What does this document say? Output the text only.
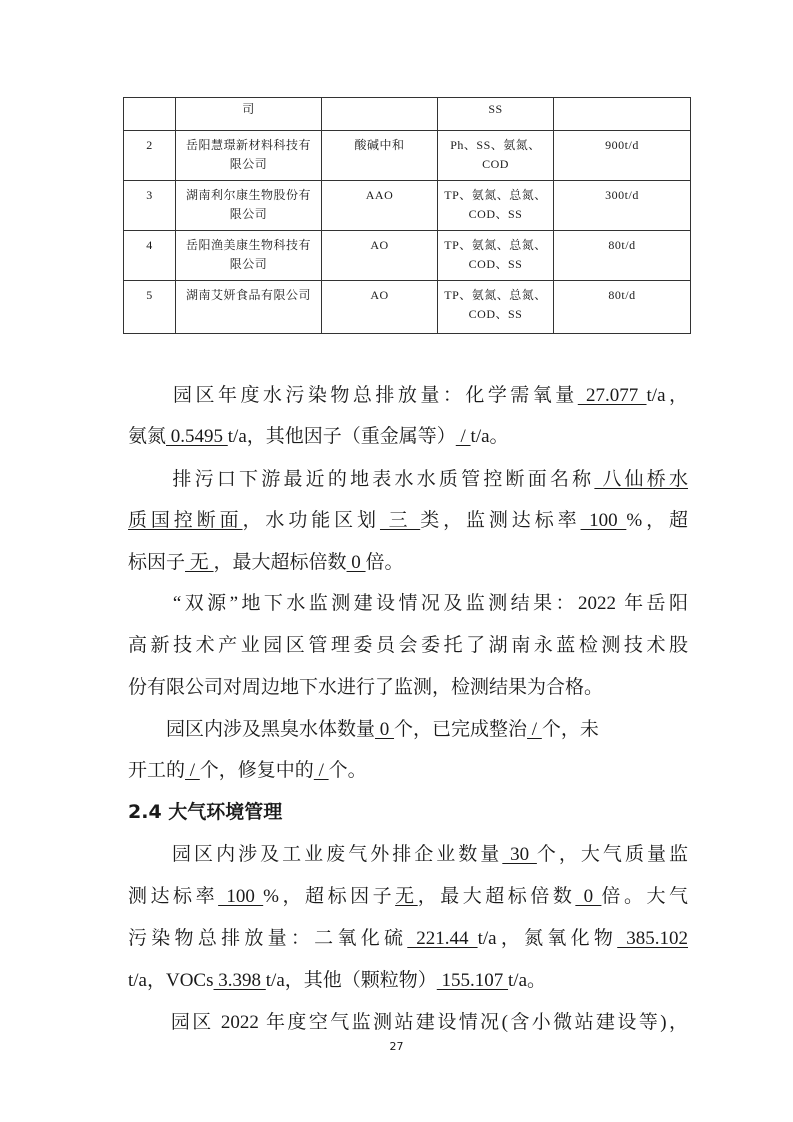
	司		SS	
2	岳阳慧璟新材料科技有限公司	酸碱中和	Ph、SS、氨氮、COD	900t/d
3	湖南利尔康生物股份有限公司	AAO	TP、氨氮、总氮、COD、SS	300t/d
4	岳阳渔美康生物科技有限公司	AO	TP、氨氮、总氮、COD、SS	80t/d
5	湖南艾妍食品有限公司	AO	TP、氨氮、总氮、COD、SS	80t/d
　　园区年度水污染物总排放量：化学需氧量 27.077 t/a，
氨氮 0.5495 t/a，其他因子（重金属等） / t/a。
　　排污口下游最近的地表水水质管控断面名称 八仙桥水
质国控断面，水功能区划 三 类，监测达标率 100 %，超
标因子 无 ，最大超标倍数 0 倍。
　　“双源”地下水监测建设情况及监测结果：2022 年岳阳
高新技术产业园区管理委员会委托了湖南永蓝检测技术股
份有限公司对周边地下水进行了监测，检测结果为合格。
　　园区内涉及黑臭水体数量 0 个，已完成整治 / 个，未
开工的 / 个，修复中的 / 个。
2.4 大气环境管理
　　园区内涉及工业废气外排企业数量 30 个，大气质量监
测达标率 100 %，超标因子无，最大超标倍数 0 倍。大气
污染物总排放量：二氧化硫 221.44 t/a，氮氧化物 385.102
t/a，VOCs 3.398 t/a，其他（颗粒物） 155.107 t/a。
　　园区 2022 年度空气监测站建设情况(含小微站建设等)，
27
